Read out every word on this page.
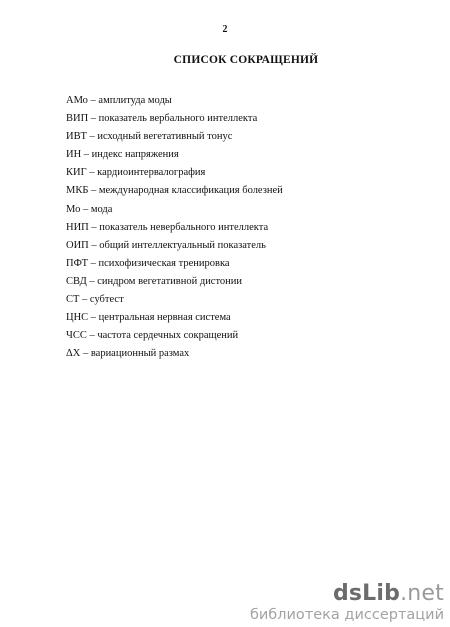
2
СПИСОК СОКРАЩЕНИЙ
АМо – амплитуда моды
ВИП – показатель вербального интеллекта
ИВТ – исходный вегетативный тонус
ИН – индекс напряжения
КИГ – кардиоинтервалография
МКБ – международная классификация болезней
Мо – мода
НИП – показатель невербального интеллекта
ОИП – общий интеллектуальный показатель
ПФТ – психофизическая тренировка
СВД – синдром вегетативной дистонии
СТ – субтест
ЦНС – центральная нервная система
ЧСС – частота сердечных сокращений
ΔХ – вариационный размах
dsLib.net
библиотека диссертаций
